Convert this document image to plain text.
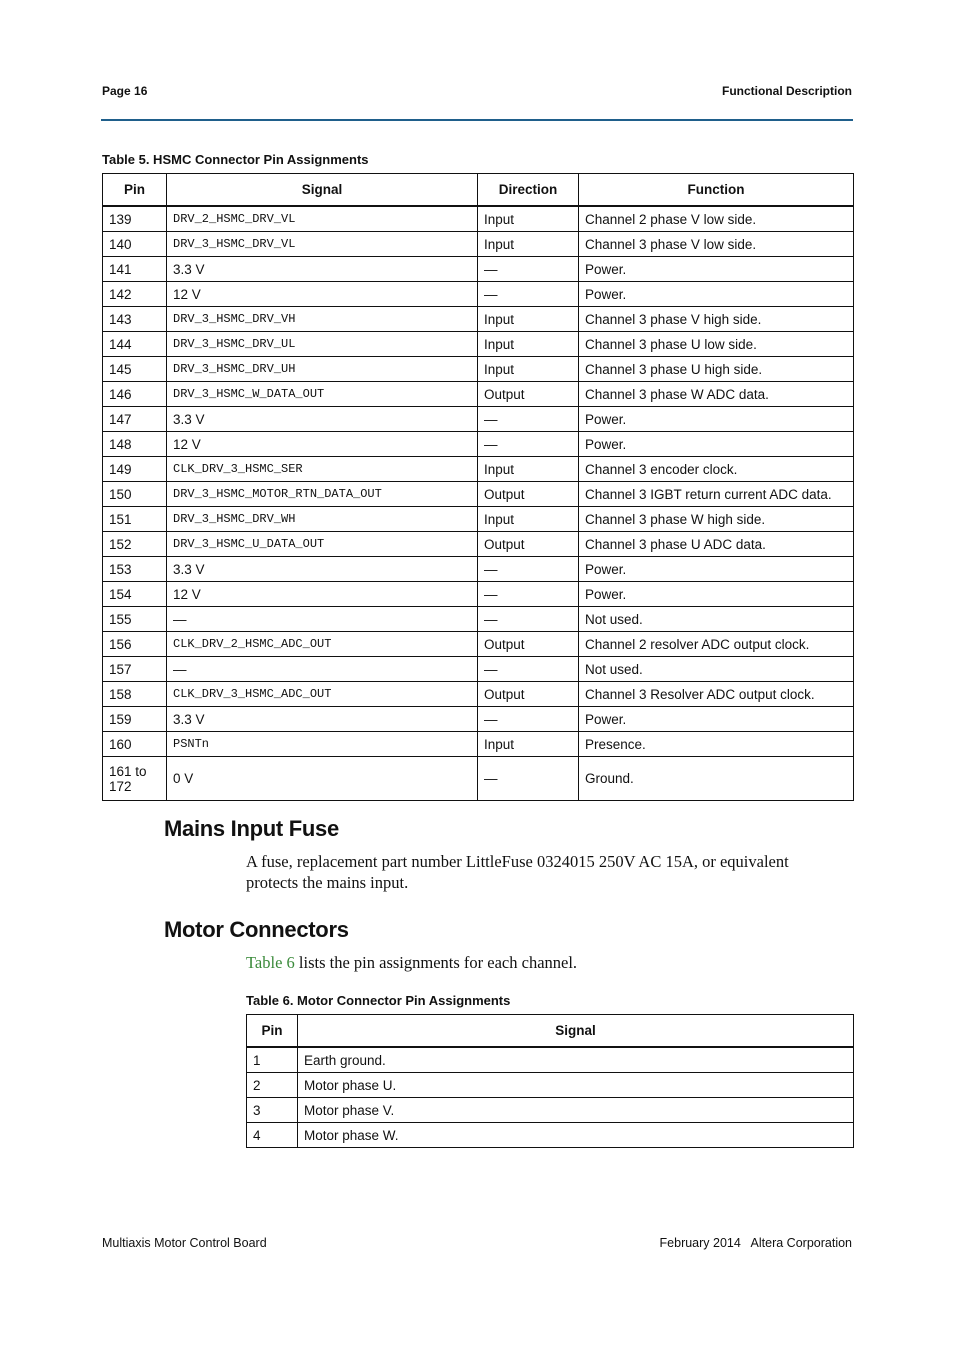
Page 16	Functional Description
Table 5. HSMC Connector Pin Assignments
Pin	Signal	Direction	Function
139	DRV_2_HSMC_DRV_VL	Input	Channel 2 phase V low side.
140	DRV_3_HSMC_DRV_VL	Input	Channel 3 phase V low side.
141	3.3 V	—	Power.
142	12 V	—	Power.
143	DRV_3_HSMC_DRV_VH	Input	Channel 3 phase V high side.
144	DRV_3_HSMC_DRV_UL	Input	Channel 3 phase U low side.
145	DRV_3_HSMC_DRV_UH	Input	Channel 3 phase U high side.
146	DRV_3_HSMC_W_DATA_OUT	Output	Channel 3 phase W ADC data.
147	3.3 V	—	Power.
148	12 V	—	Power.
149	CLK_DRV_3_HSMC_SER	Input	Channel 3 encoder clock.
150	DRV_3_HSMC_MOTOR_RTN_DATA_OUT	Output	Channel 3 IGBT return current ADC data.
151	DRV_3_HSMC_DRV_WH	Input	Channel 3 phase W high side.
152	DRV_3_HSMC_U_DATA_OUT	Output	Channel 3 phase U ADC data.
153	3.3 V	—	Power.
154	12 V	—	Power.
155	—	—	Not used.
156	CLK_DRV_2_HSMC_ADC_OUT	Output	Channel 2 resolver ADC output clock.
157	—	—	Not used.
158	CLK_DRV_3_HSMC_ADC_OUT	Output	Channel 3 Resolver ADC output clock.
159	3.3 V	—	Power.
160	PSNTn	Input	Presence.
161 to 172	0 V	—	Ground.
Mains Input Fuse

A fuse, replacement part number LittleFuse 0324015 250V AC 15A, or equivalent protects the mains input.

Motor Connectors

Table 6 lists the pin assignments for each channel.

Table 6. Motor Connector Pin Assignments
Pin	Signal
1	Earth ground.
2	Motor phase U.
3	Motor phase V.
4	Motor phase W.
Multiaxis Motor Control Board	February 2014   Altera Corporation
